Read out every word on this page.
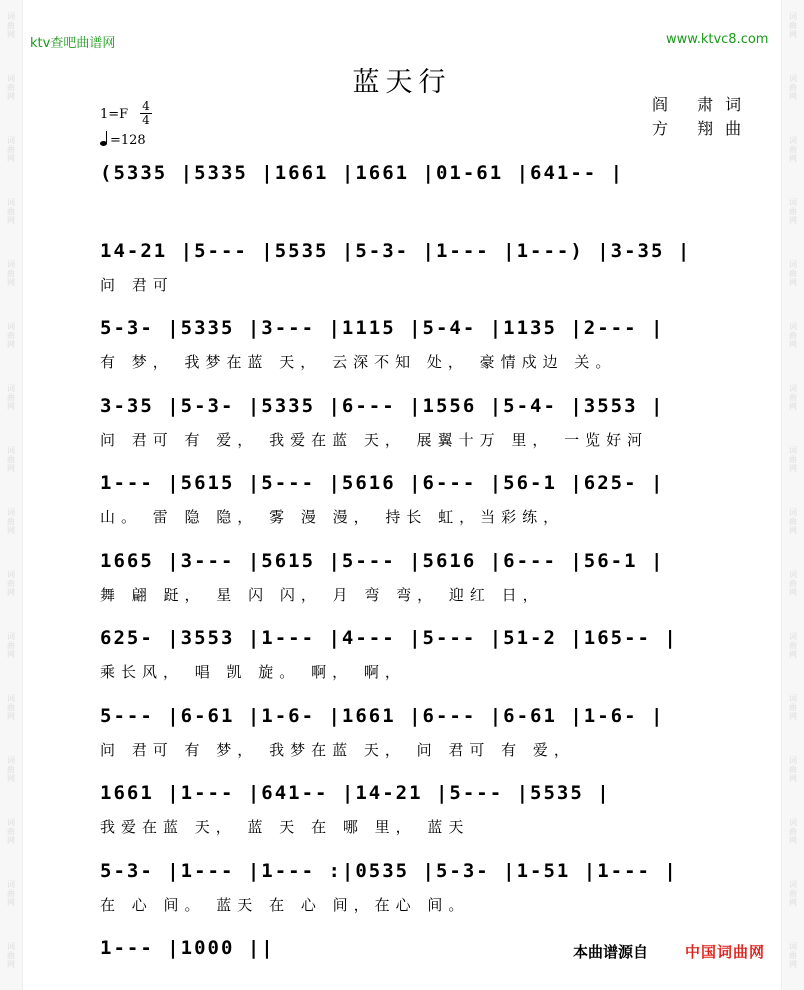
词
曲
网
词
曲
网
词
曲
网
词
曲
网
词
曲
网
词
曲
网
词
曲
网
词
曲
网
词
曲
网
词
曲
网
词
曲
网
词
曲
网
词
曲
网
词
曲
网
词
曲
网
词
曲
网
词
曲
网
词
曲
网
词
曲
网
词
曲
网
词
曲
网
词
曲
网
词
曲
网
词
曲
网
词
曲
网
词
曲
网
词
曲
网
词
曲
网
词
曲
网
词
曲
网
词
曲
网
词
曲
网
ktv查吧曲谱网	www.ktvc8.com
蓝天行
阎 肃词
方 翔曲
$1=F \frac{4}{4}$
=128
(5335 |5335 |1661 |1661 |01-61 |641-- |
14-21 |5--- |5535 |5-3- |1--- |1---) |3-35 |
问 君可
5-3- |5335 |3--- |1115 |5-4- |1135 |2--- |
有 梦， 我梦在蓝 天， 云深不知 处， 豪情戍边 关。
3-35 |5-3- |5335 |6--- |1556 |5-4- |3553 |
问 君可 有 爱， 我爱在蓝 天， 展翼十万 里， 一览好河
1--- |5615 |5--- |5616 |6--- |56-1 |625- |
山。 雷 隐 隐， 雾 漫 漫， 持长 虹，当彩练，
1665 |3--- |5615 |5--- |5616 |6--- |56-1 |
舞 翩 跹， 星 闪 闪， 月 弯 弯， 迎红 日，
625- |3553 |1--- |4--- |5--- |51-2 |165-- |
乘长风， 唱 凯 旋。 啊， 啊，
5--- |6-61 |1-6- |1661 |6--- |6-61 |1-6- |
问 君可 有 梦， 我梦在蓝 天， 问 君可 有 爱，
1661 |1--- |641-- |14-21 |5--- |5535 |
我爱在蓝 天， 蓝 天 在 哪 里， 蓝天
5-3- |1--- |1--- :|0535 |5-3- |1-51 |1--- |
在 心 间。 蓝天 在 心 间，在心 间。
1--- |1000 ||	本曲谱源自 中国词曲网
